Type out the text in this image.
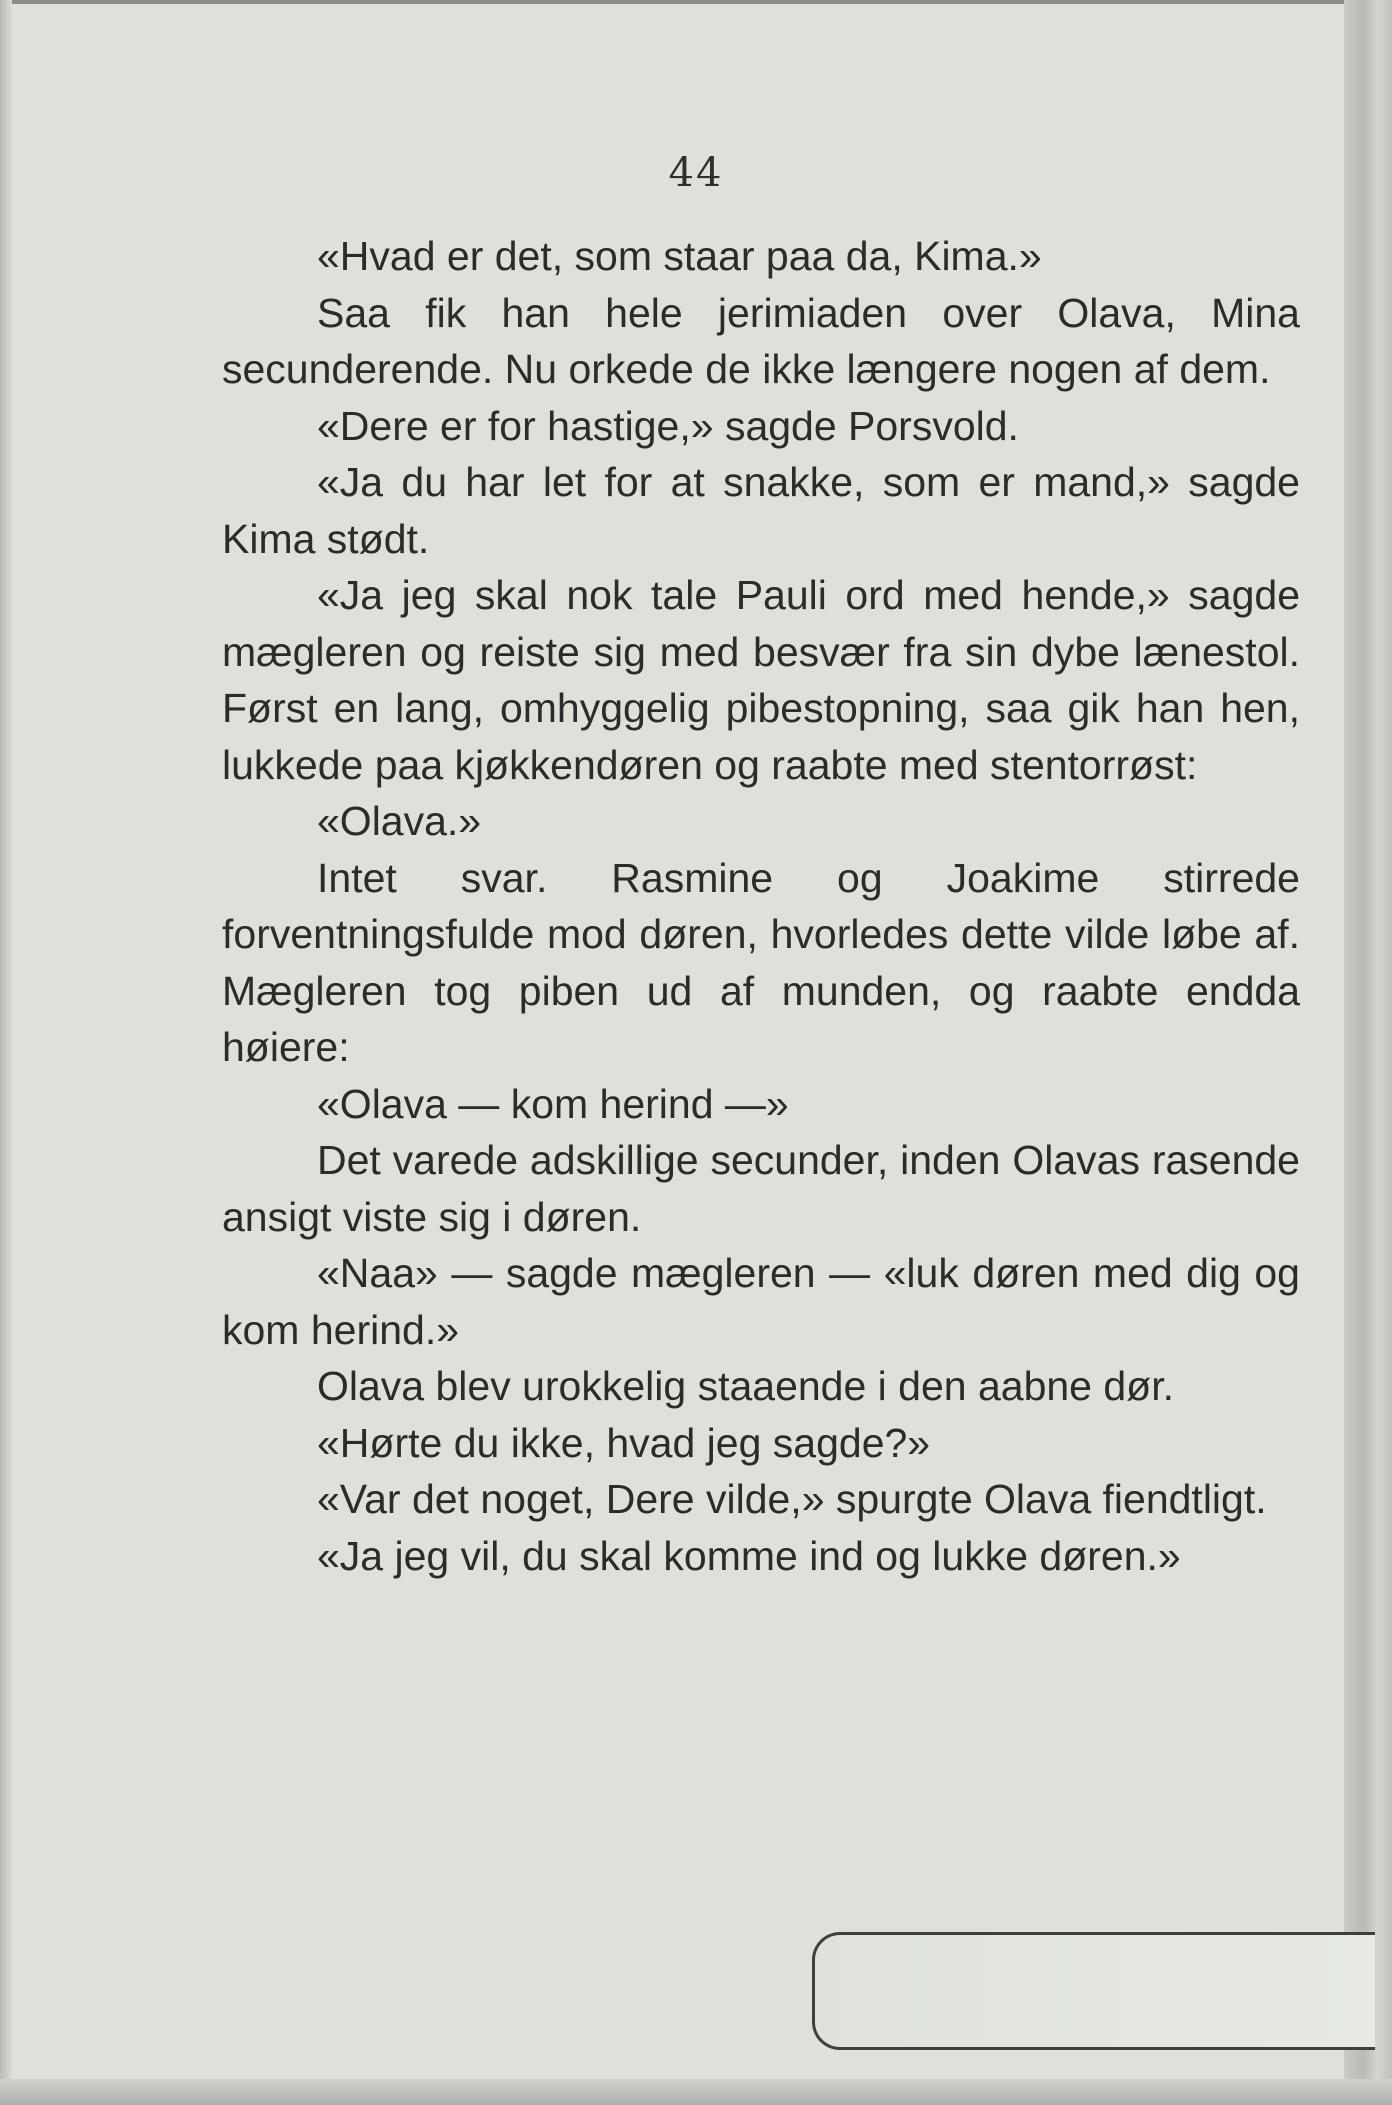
44

«Hvad er det, som staar paa da, Kima.»

Saa fik han hele jerimiaden over Olava, Mina secunderende. Nu orkede de ikke længere nogen af dem.

«Dere er for hastige,» sagde Porsvold.

«Ja du har let for at snakke, som er mand,» sagde Kima stødt.

«Ja jeg skal nok tale Pauli ord med hende,» sagde mægleren og reiste sig med besvær fra sin dybe lænestol. Først en lang, omhyggelig pibestopning, saa gik han hen, lukkede paa kjøkkendøren og raabte med stentorrøst:

«Olava.»

Intet svar. Rasmine og Joakime stirrede forventningsfulde mod døren, hvorledes dette vilde løbe af. Mægleren tog piben ud af munden, og raabte endda høiere:

«Olava — kom herind —»

Det varede adskillige secunder, inden Olavas rasende ansigt viste sig i døren.

«Naa» — sagde mægleren — «luk døren med dig og kom herind.»

Olava blev urokkelig staaende i den aabne dør.

«Hørte du ikke, hvad jeg sagde?»

«Var det noget, Dere vilde,» spurgte Olava fiendtligt.

«Ja jeg vil, du skal komme ind og lukke døren.»
